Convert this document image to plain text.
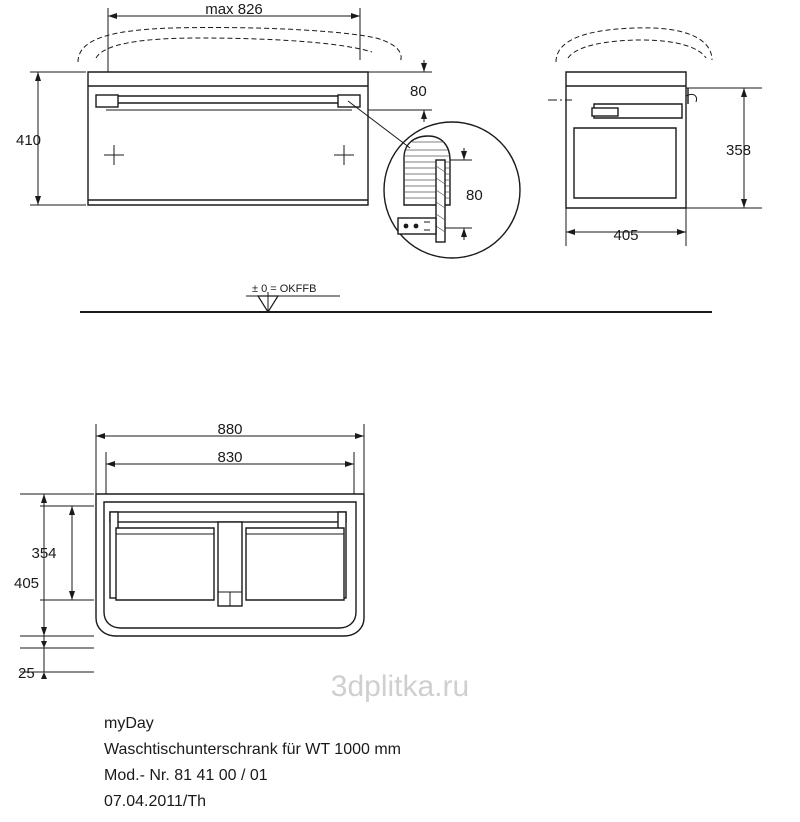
max 826
410
80
80
358
405
± 0 = OKFFB
880
830
354
405
25	3dplitka.ru
myDay
Waschtischunterschrank für WT 1000 mm
Mod.- Nr. 81 41 00 / 01
07.04.2011/Th
